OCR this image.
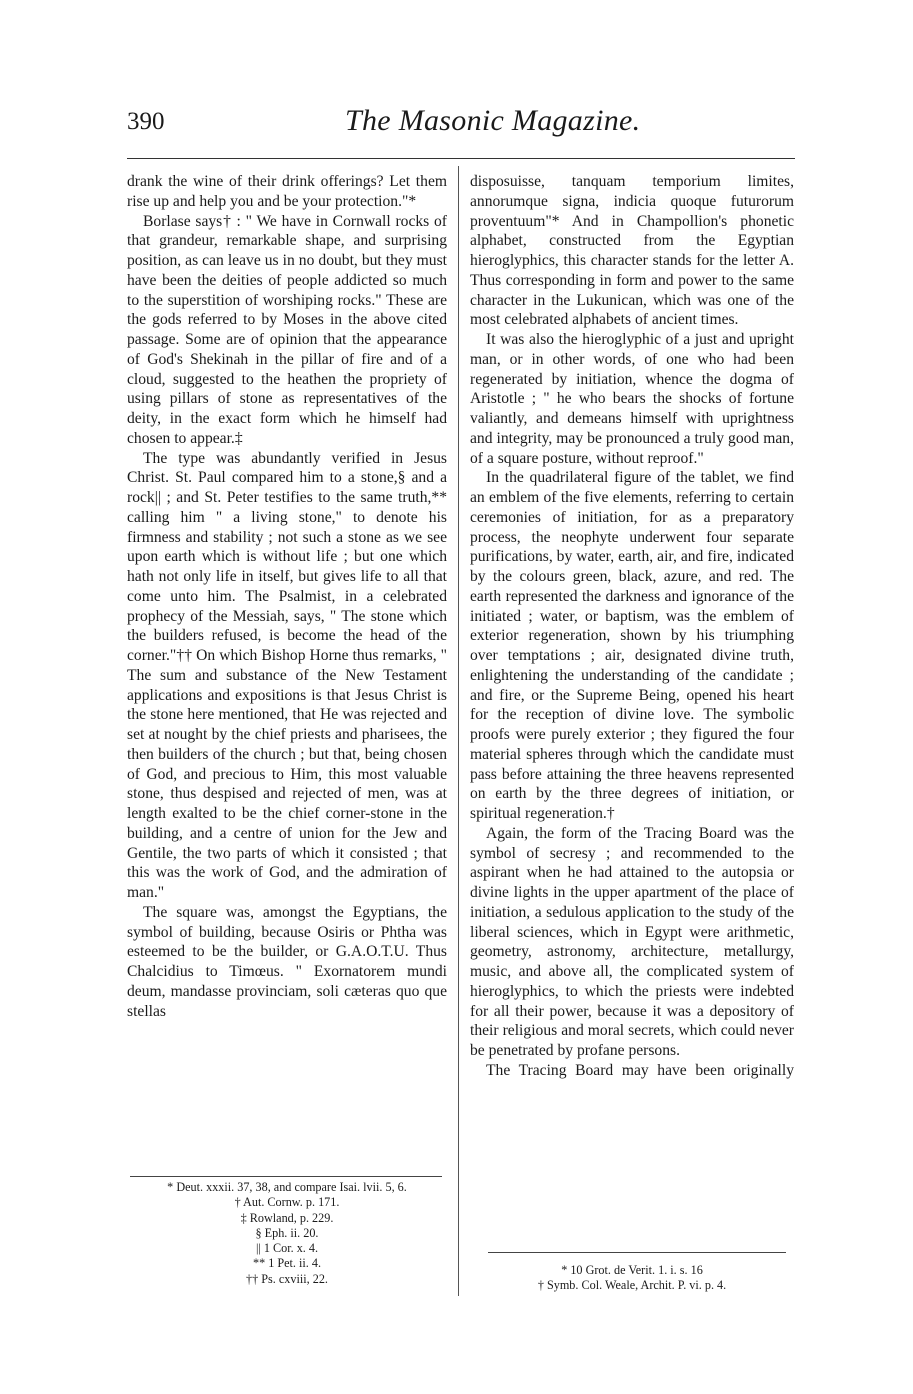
390	The Masonic Magazine.

drank the wine of their drink offerings? Let them rise up and help you and be your protection."*

Borlase says† : " We have in Cornwall rocks of that grandeur, remarkable shape, and surprising position, as can leave us in no doubt, but they must have been the deities of people addicted so much to the superstition of worshiping rocks." These are the gods referred to by Moses in the above cited passage. Some are of opinion that the appearance of God's Shekinah in the pillar of fire and of a cloud, suggested to the heathen the propriety of using pillars of stone as representatives of the deity, in the exact form which he himself had chosen to appear.‡

The type was abundantly verified in Jesus Christ. St. Paul compared him to a stone,§ and a rock|| ; and St. Peter testifies to the same truth,** calling him " a living stone," to denote his firmness and stability ; not such a stone as we see upon earth which is without life ; but one which hath not only life in itself, but gives life to all that come unto him. The Psalmist, in a celebrated prophecy of the Messiah, says, " The stone which the builders refused, is become the head of the corner."†† On which Bishop Horne thus remarks, " The sum and substance of the New Testament applications and expositions is that Jesus Christ is the stone here mentioned, that He was rejected and set at nought by the chief priests and pharisees, the then builders of the church ; but that, being chosen of God, and precious to Him, this most valuable stone, thus despised and rejected of men, was at length exalted to be the chief corner-stone in the building, and a centre of union for the Jew and Gentile, the two parts of which it consisted ; that this was the work of God, and the admiration of man."

The square was, amongst the Egyptians, the symbol of building, because Osiris or Phtha was esteemed to be the builder, or G.A.O.T.U. Thus Chalcidius to Timœus. " Exornatorem mundi deum, mandasse provinciam, soli cæteras quo que stellas

disposuisse, tanquam temporium limites, annorumque signa, indicia quoque futurorum proventuum"* And in Champollion's phonetic alphabet, constructed from the Egyptian hieroglyphics, this character stands for the letter A. Thus corresponding in form and power to the same character in the Lukunican, which was one of the most celebrated alphabets of ancient times.

It was also the hieroglyphic of a just and upright man, or in other words, of one who had been regenerated by initiation, whence the dogma of Aristotle ; " he who bears the shocks of fortune valiantly, and demeans himself with uprightness and integrity, may be pronounced a truly good man, of a square posture, without reproof."

In the quadrilateral figure of the tablet, we find an emblem of the five elements, referring to certain ceremonies of initiation, for as a preparatory process, the neophyte underwent four separate purifications, by water, earth, air, and fire, indicated by the colours green, black, azure, and red. The earth represented the darkness and ignorance of the initiated ; water, or baptism, was the emblem of exterior regeneration, shown by his triumphing over temptations ; air, designated divine truth, enlightening the understanding of the candidate ; and fire, or the Supreme Being, opened his heart for the reception of divine love. The symbolic proofs were purely exterior ; they figured the four material spheres through which the candidate must pass before attaining the three heavens represented on earth by the three degrees of initiation, or spiritual regeneration.†

Again, the form of the Tracing Board was the symbol of secresy ; and recommended to the aspirant when he had attained to the autopsia or divine lights in the upper apartment of the place of initiation, a sedulous application to the study of the liberal sciences, which in Egypt were arithmetic, geometry, astronomy, architecture, metallurgy, music, and above all, the complicated system of hieroglyphics, to which the priests were indebted for all their power, because it was a depository of their religious and moral secrets, which could never be penetrated by profane persons.

The Tracing Board may have been originally

* Deut. xxxii. 37, 38, and compare Isai. lvii. 5, 6.
† Aut. Cornw. p. 171.
‡ Rowland, p. 229.
§ Eph. ii. 20.
|| 1 Cor. x. 4.
** 1 Pet. ii. 4.
†† Ps. cxviii, 22.
* 10 Grot. de Verit. 1. i. s. 16
† Symb. Col. Weale, Archit. P. vi. p. 4.
